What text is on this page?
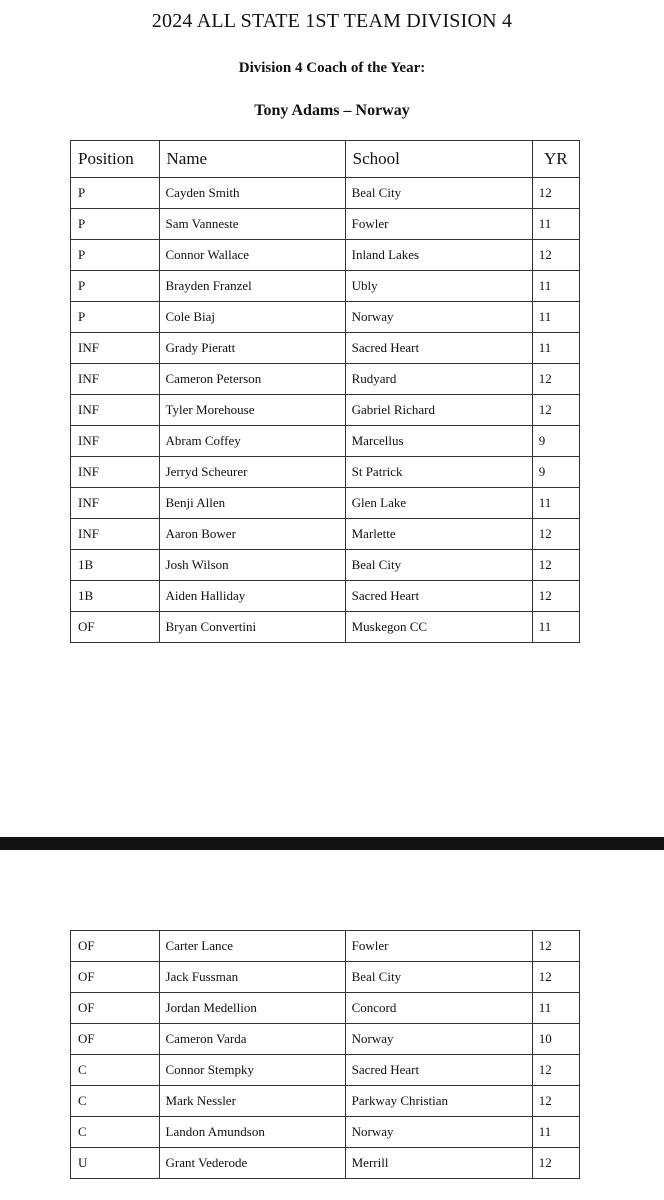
2024 ALL STATE 1ST TEAM DIVISION 4
Division 4 Coach of the Year:
Tony Adams – Norway
Position	Name	School	YR
P	Cayden Smith	Beal City	12
P	Sam Vanneste	Fowler	11
P	Connor Wallace	Inland Lakes	12
P	Brayden Franzel	Ubly	11
P	Cole Biaj	Norway	11
INF	Grady Pieratt	Sacred Heart	11
INF	Cameron Peterson	Rudyard	12
INF	Tyler Morehouse	Gabriel Richard	12
INF	Abram Coffey	Marcellus	9
INF	Jerryd Scheurer	St Patrick	9
INF	Benji Allen	Glen Lake	11
INF	Aaron Bower	Marlette	12
1B	Josh Wilson	Beal City	12
1B	Aiden Halliday	Sacred Heart	12
OF	Bryan Convertini	Muskegon CC	11
OF	Carter Lance	Fowler	12
OF	Jack Fussman	Beal City	12
OF	Jordan Medellion	Concord	11
OF	Cameron Varda	Norway	10
C	Connor Stempky	Sacred Heart	12
C	Mark Nessler	Parkway Christian	12
C	Landon Amundson	Norway	11
U	Grant Vederode	Merrill	12
